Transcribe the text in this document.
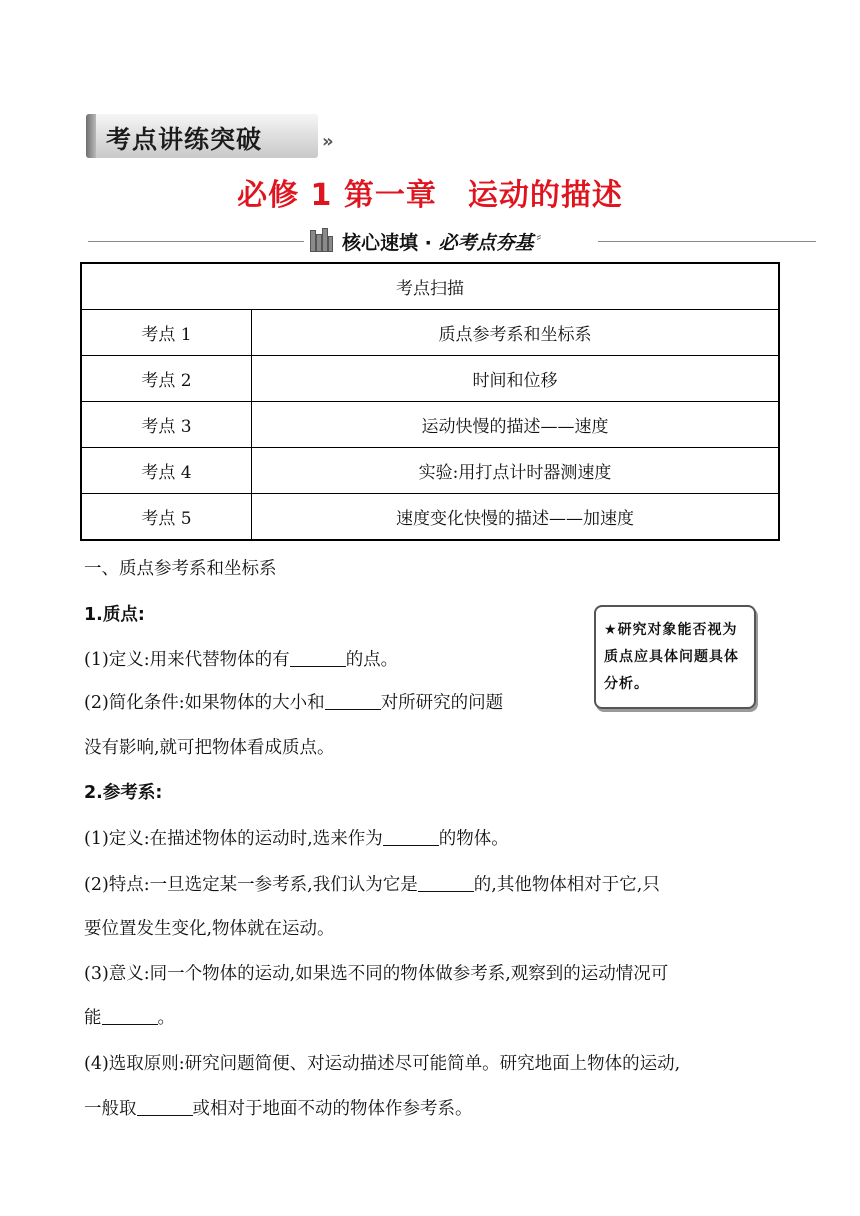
考点讲练突破	»
必修 1 第一章　运动的描述
核心速填 · 必考点夯基 ⸗
考点扫描	
考点 1	质点参考系和坐标系
考点 2	时间和位移
考点 3	运动快慢的描述——速度
考点 4	实验:用打点计时器测速度
考点 5	速度变化快慢的描述——加速度
一、质点参考系和坐标系
1.质点:
(1)定义:用来代替物体的有	的点。
(2)简化条件:如果物体的大小和	对所研究的问题
没有影响,就可把物体看成质点。
2.参考系:
(1)定义:在描述物体的运动时,选来作为	的物体。
(2)特点:一旦选定某一参考系,我们认为它是	的,其他物体相对于它,只
要位置发生变化,物体就在运动。
(3)意义:同一个物体的运动,如果选不同的物体做参考系,观察到的运动情况可
能	。
(4)选取原则:研究问题简便、对运动描述尽可能简单。研究地面上物体的运动,
一般取	或相对于地面不动的物体作参考系。
★研究对象能否视为质点应具体问题具体分析。
